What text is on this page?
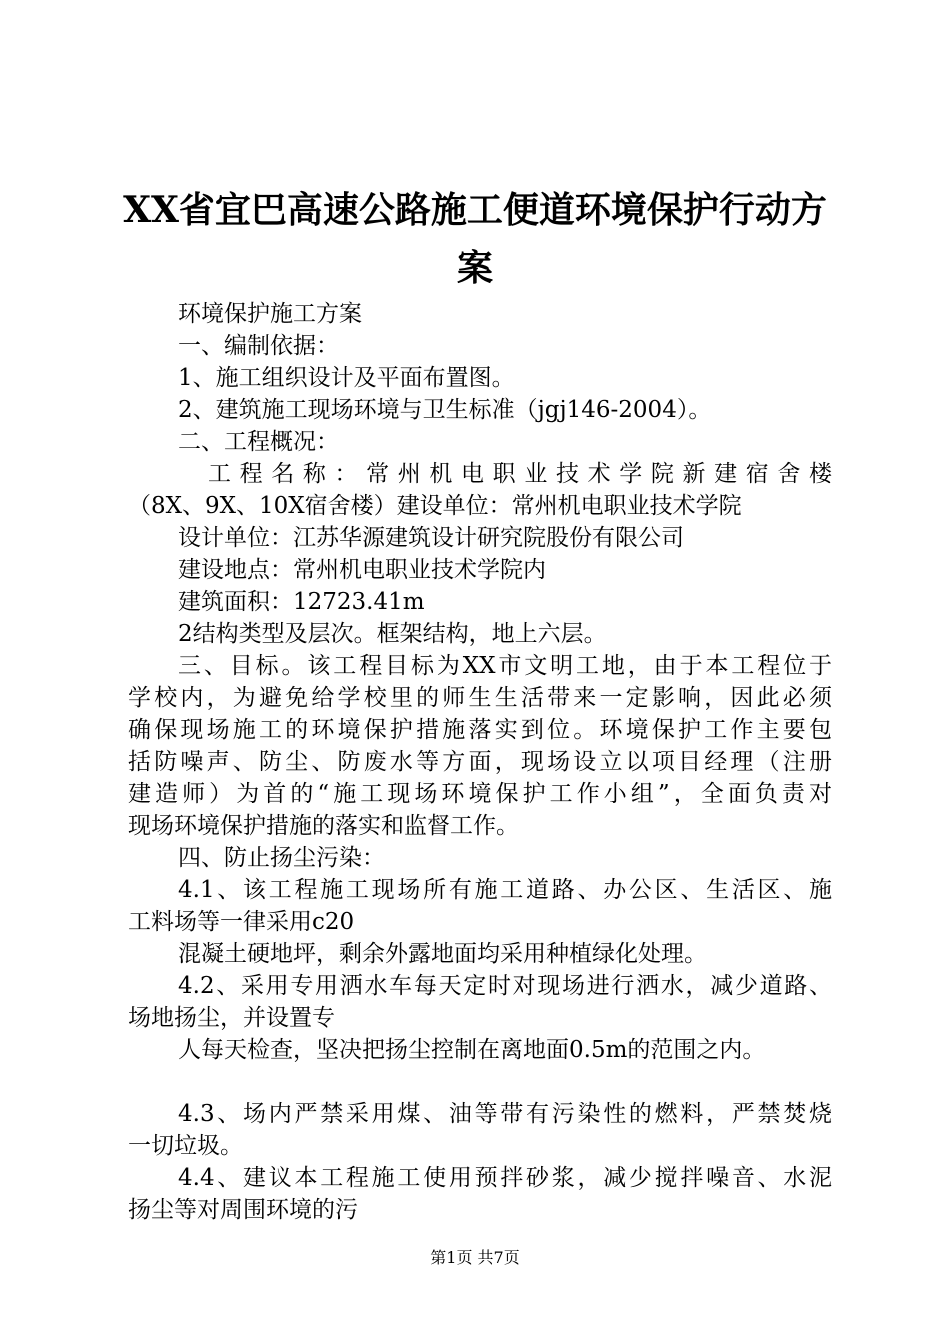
XX省宜巴高速公路施工便道环境保护行动方
案
环境保护施工方案
一、编制依据：
1、施工组织设计及平面布置图。
2、建筑施工现场环境与卫生标准（jgj146-2004）。
二、工程概况：
工程名称：常州机电职业技术学院新建宿舍楼
（8X、9X、10X宿舍楼）建设单位：常州机电职业技术学院
设计单位：江苏华源建筑设计研究院股份有限公司
建设地点：常州机电职业技术学院内
建筑面积：12723.41m
2结构类型及层次。框架结构，地上六层。
三、目标。该工程目标为XX市文明工地，由于本工程位于
学校内，为避免给学校里的师生生活带来一定影响，因此必须
确保现场施工的环境保护措施落实到位。环境保护工作主要包
括防噪声、防尘、防废水等方面，现场设立以项目经理（注册
建造师）为首的“施工现场环境保护工作小组”，全面负责对
现场环境保护措施的落实和监督工作。
四、防止扬尘污染：
4.1、该工程施工现场所有施工道路、办公区、生活区、施
工料场等一律采用c20
混凝土硬地坪，剩余外露地面均采用种植绿化处理。
4.2、采用专用洒水车每天定时对现场进行洒水，减少道路、
场地扬尘，并设置专
人每天检查，坚决把扬尘控制在离地面0.5m的范围之内。
4.3、场内严禁采用煤、油等带有污染性的燃料，严禁焚烧
一切垃圾。
4.4、建议本工程施工使用预拌砂浆，减少搅拌噪音、水泥
扬尘等对周围环境的污
第1页 共7页
